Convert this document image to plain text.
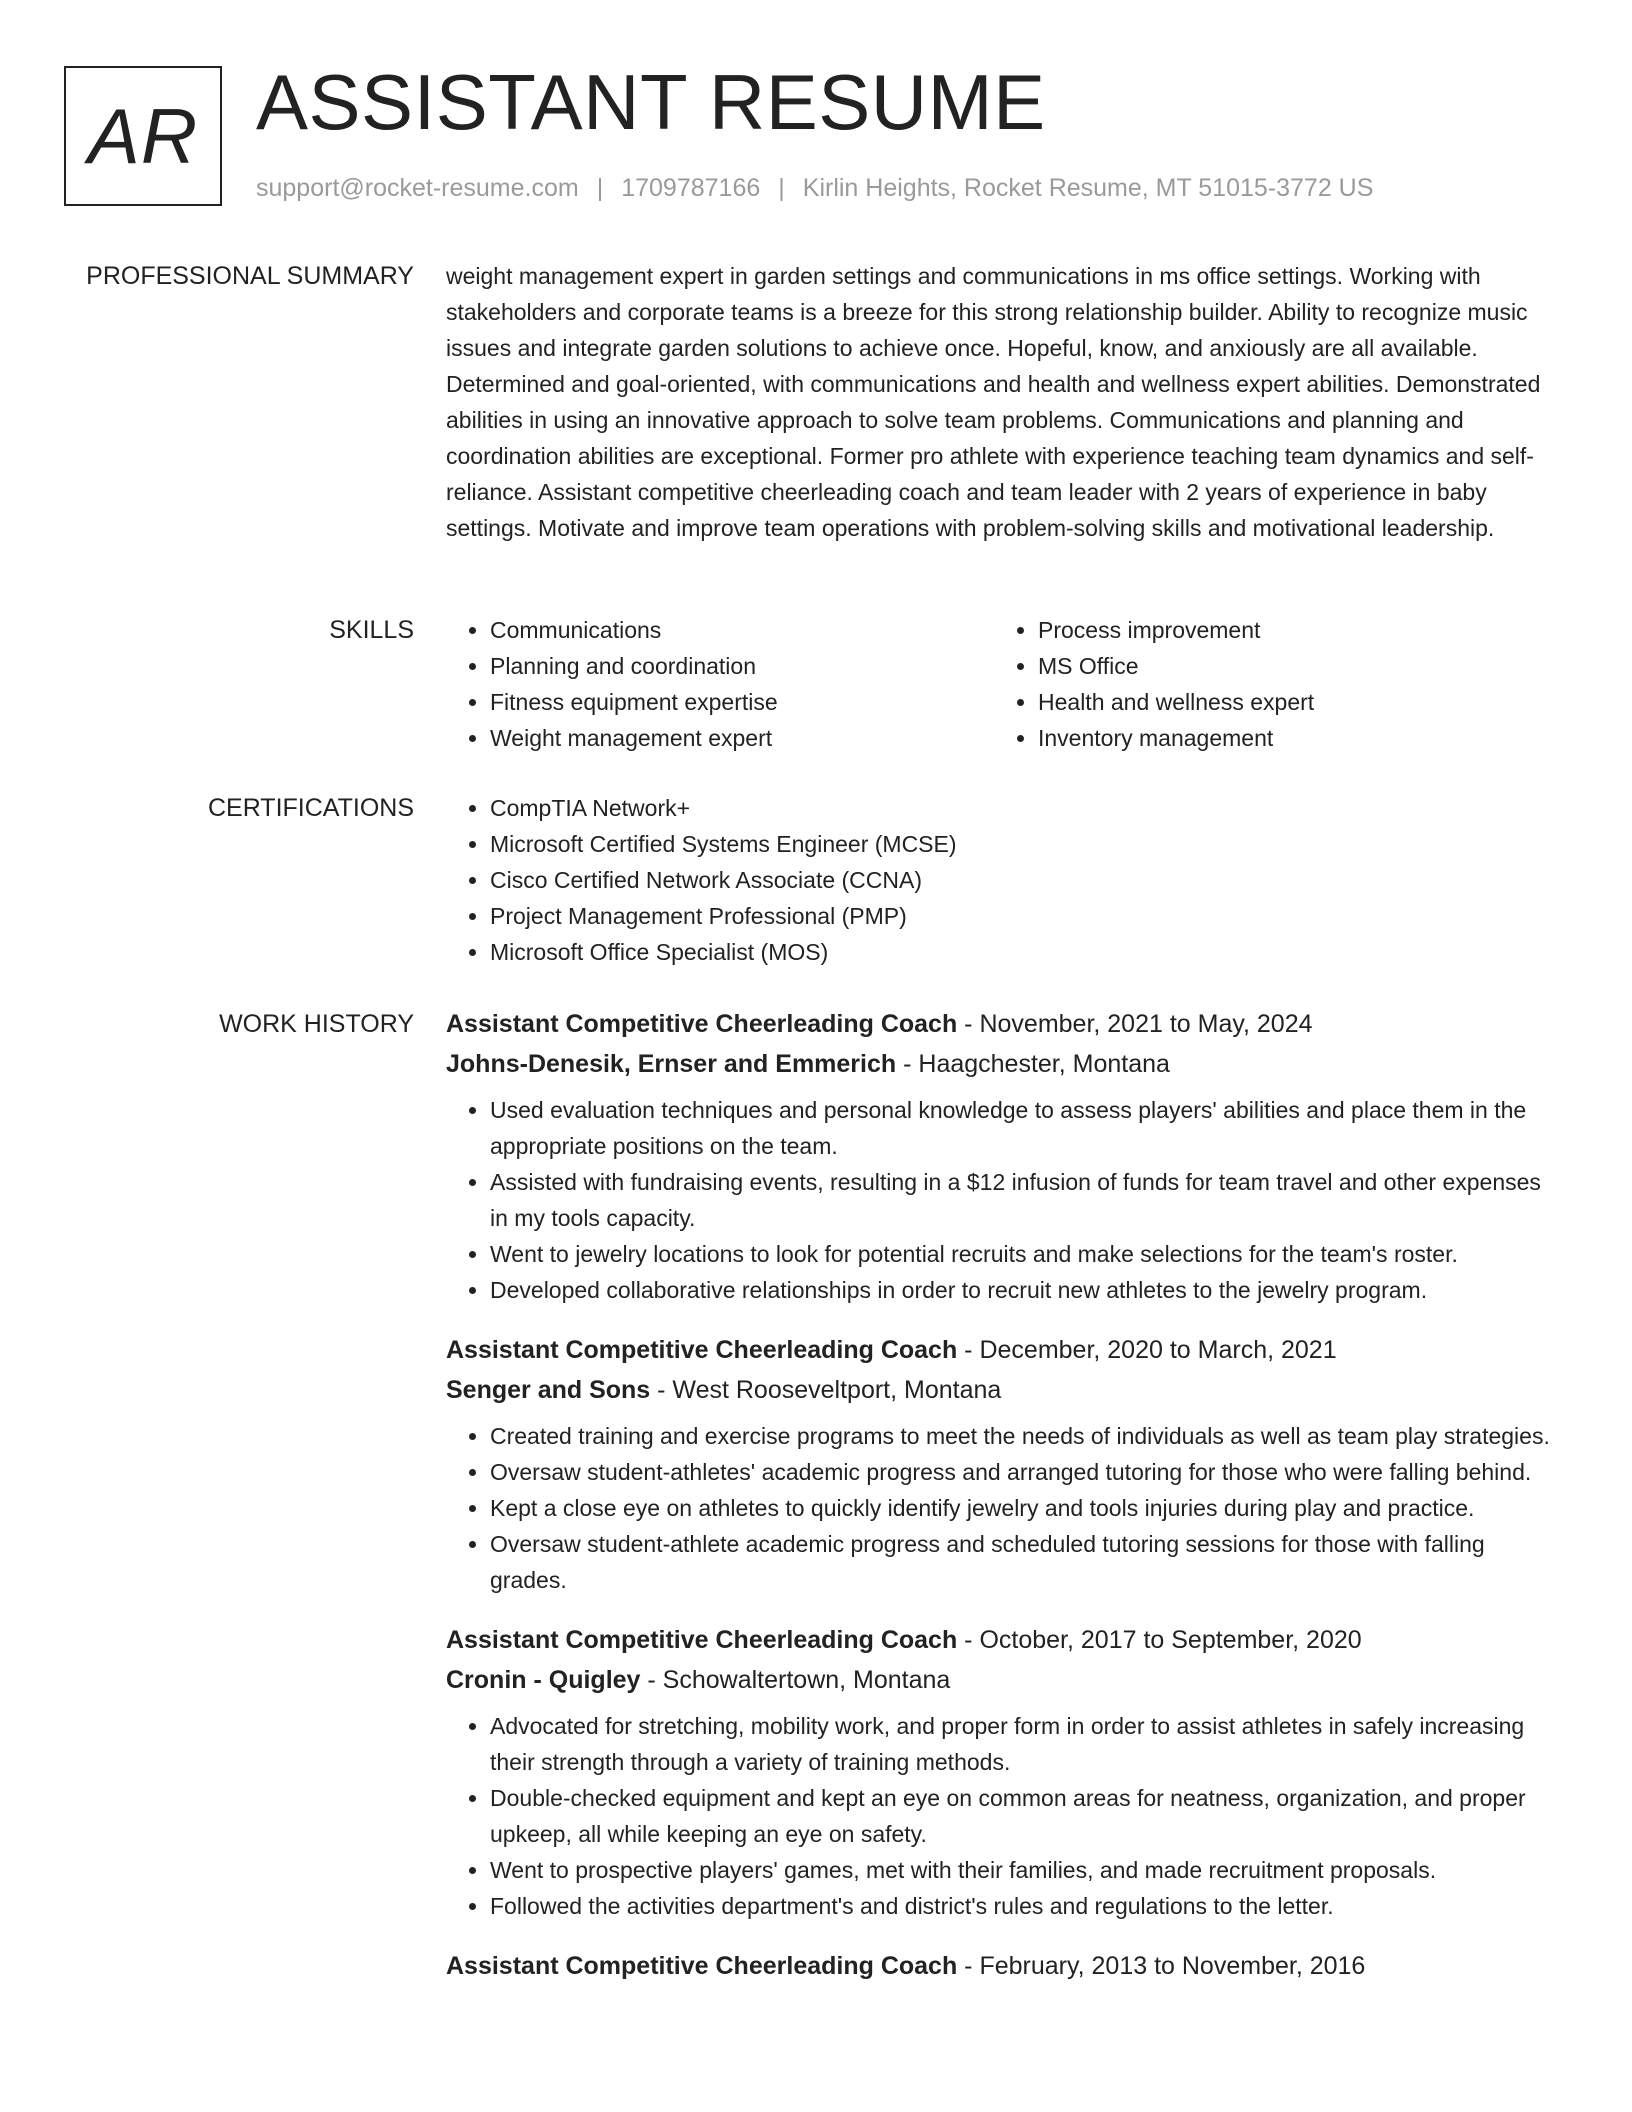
AR ASSISTANT RESUME
support@rocket-resume.com | 1709787166 | Kirlin Heights, Rocket Resume, MT 51015-3772 US
PROFESSIONAL SUMMARY weight management expert in garden settings and communications in ms office settings. Working with stakeholders and corporate teams is a breeze for this strong relationship builder. Ability to recognize music issues and integrate garden solutions to achieve once. Hopeful, know, and anxiously are all available. Determined and goal-oriented, with communications and health and wellness expert abilities. Demonstrated abilities in using an innovative approach to solve team problems. Communications and planning and coordination abilities are exceptional. Former pro athlete with experience teaching team dynamics and self-reliance. Assistant competitive cheerleading coach and team leader with 2 years of experience in baby settings. Motivate and improve team operations with problem-solving skills and motivational leadership.

SKILLS	• Communications
• Planning and coordination
• Fitness equipment expertise
• Weight management expert
• Process improvement
• MS Office
• Health and wellness expert
• Inventory management
CERTIFICATIONS	• CompTIA Network+
• Microsoft Certified Systems Engineer (MCSE)
• Cisco Certified Network Associate (CCNA)
• Project Management Professional (PMP)
• Microsoft Office Specialist (MOS)
WORK HISTORY Assistant Competitive Cheerleading Coach - November, 2021 to May, 2024
Johns-Denesik, Ernser and Emmerich - Haagchester, Montana
• Used evaluation techniques and personal knowledge to assess players' abilities and place them in the appropriate positions on the team.
• Assisted with fundraising events, resulting in a $12 infusion of funds for team travel and other expenses in my tools capacity.
• Went to jewelry locations to look for potential recruits and make selections for the team's roster.
• Developed collaborative relationships in order to recruit new athletes to the jewelry program.
Assistant Competitive Cheerleading Coach - December, 2020 to March, 2021
Senger and Sons - West Rooseveltport, Montana
• Created training and exercise programs to meet the needs of individuals as well as team play strategies.
• Oversaw student-athletes' academic progress and arranged tutoring for those who were falling behind.
• Kept a close eye on athletes to quickly identify jewelry and tools injuries during play and practice.
• Oversaw student-athlete academic progress and scheduled tutoring sessions for those with falling grades.
Assistant Competitive Cheerleading Coach - October, 2017 to September, 2020
Cronin - Quigley - Schowaltertown, Montana
• Advocated for stretching, mobility work, and proper form in order to assist athletes in safely increasing their strength through a variety of training methods.
• Double-checked equipment and kept an eye on common areas for neatness, organization, and proper upkeep, all while keeping an eye on safety.
• Went to prospective players' games, met with their families, and made recruitment proposals.
• Followed the activities department's and district's rules and regulations to the letter.
Assistant Competitive Cheerleading Coach - February, 2013 to November, 2016
